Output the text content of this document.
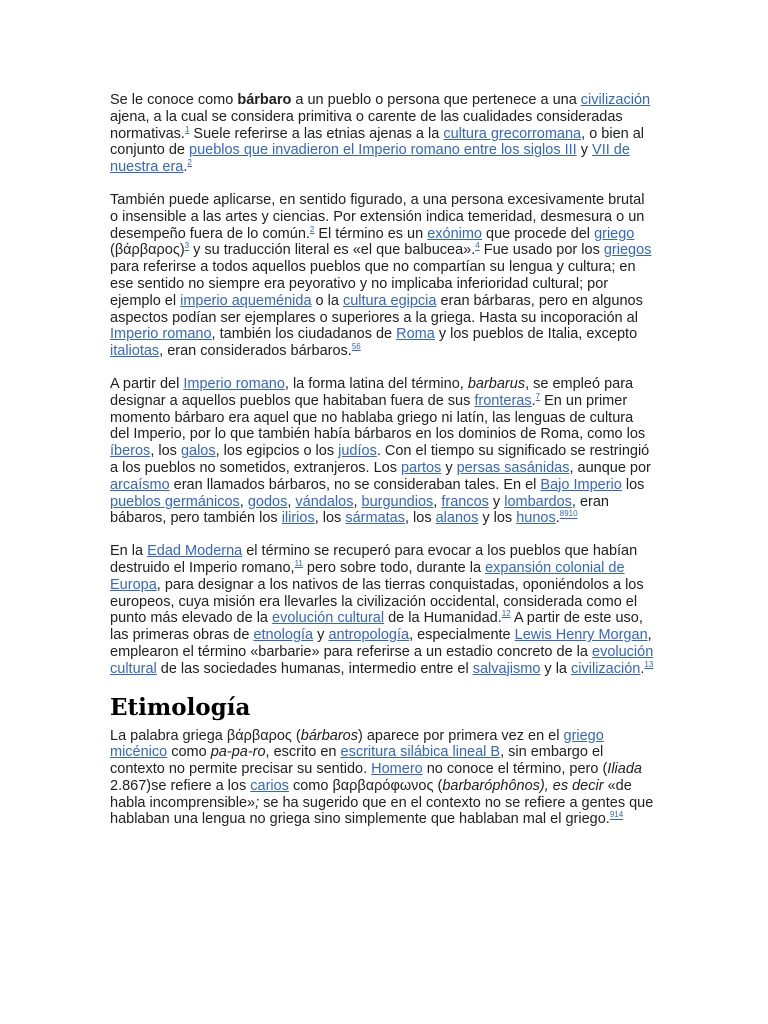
Se le conoce como bárbaro a un pueblo o persona que pertenece a una civilización ajena, a la cual se considera primitiva o carente de las cualidades consideradas normativas.$^1$ Suele referirse a las etnias ajenas a la cultura grecorromana, o bien al conjunto de pueblos que invadieron el Imperio romano entre los siglos III y VII de nuestra era.$^2$

También puede aplicarse, en sentido figurado, a una persona excesivamente brutal o insensible a las artes y ciencias. Por extensión indica temeridad, desmesura o un desempeño fuera de lo común.$^2$ El término es un exónimo que procede del griego (βάρβαρος)$^3$ y su traducción literal es «el que balbucea».$^4$ Fue usado por los griegos para referirse a todos aquellos pueblos que no compartían su lengua y cultura; en ese sentido no siempre era peyorativo y no implicaba inferioridad cultural; por ejemplo el imperio aqueménida o la cultura egipcia eran bárbaras, pero en algunos aspectos podían ser ejemplares o superiores a la griega. Hasta su incoporación al Imperio romano, también los ciudadanos de Roma y los pueblos de Italia, excepto italiotas, eran considerados bárbaros.$^{56}$

A partir del Imperio romano, la forma latina del término, barbarus, se empleó para designar a aquellos pueblos que habitaban fuera de sus fronteras.$^7$ En un primer momento bárbaro era aquel que no hablaba griego ni latín, las lenguas de cultura del Imperio, por lo que también había bárbaros en los dominios de Roma, como los íberos, los galos, los egipcios o los judíos. Con el tiempo su significado se restringió a los pueblos no sometidos, extranjeros. Los partos y persas sasánidas, aunque por arcaísmo eran llamados bárbaros, no se consideraban tales. En el Bajo Imperio los pueblos germánicos, godos, vándalos, burgundios, francos y lombardos, eran bábaros, pero también los ilirios, los sármatas, los alanos y los hunos.$^{8910}$

En la Edad Moderna el término se recuperó para evocar a los pueblos que habían destruido el Imperio romano,$^{11}$ pero sobre todo, durante la expansión colonial de Europa, para designar a los nativos de las tierras conquistadas, oponiéndolos a los europeos, cuya misión era llevarles la civilización occidental, considerada como el punto más elevado de la evolución cultural de la Humanidad.$^{12}$ A partir de este uso, las primeras obras de etnología y antropología, especialmente Lewis Henry Morgan, emplearon el término «barbarie» para referirse a un estadio concreto de la evolución cultural de las sociedades humanas, intermedio entre el salvajismo y la civilización.$^{13}$

Etimología

La palabra griega βάρβαρος (bárbaros) aparece por primera vez en el griego micénico como pa-pa-ro, escrito en escritura silábica lineal B, sin embargo el contexto no permite precisar su sentido. Homero no conoce el término, pero (Iliada 2.867)se refiere a los carios como βαρβαρόφωνος (barbaróphônos), es decir «de habla incomprensible»; se ha sugerido que en el contexto no se refiere a gentes que hablaban una lengua no griega sino simplemente que hablaban mal el griego.$^{914}$
